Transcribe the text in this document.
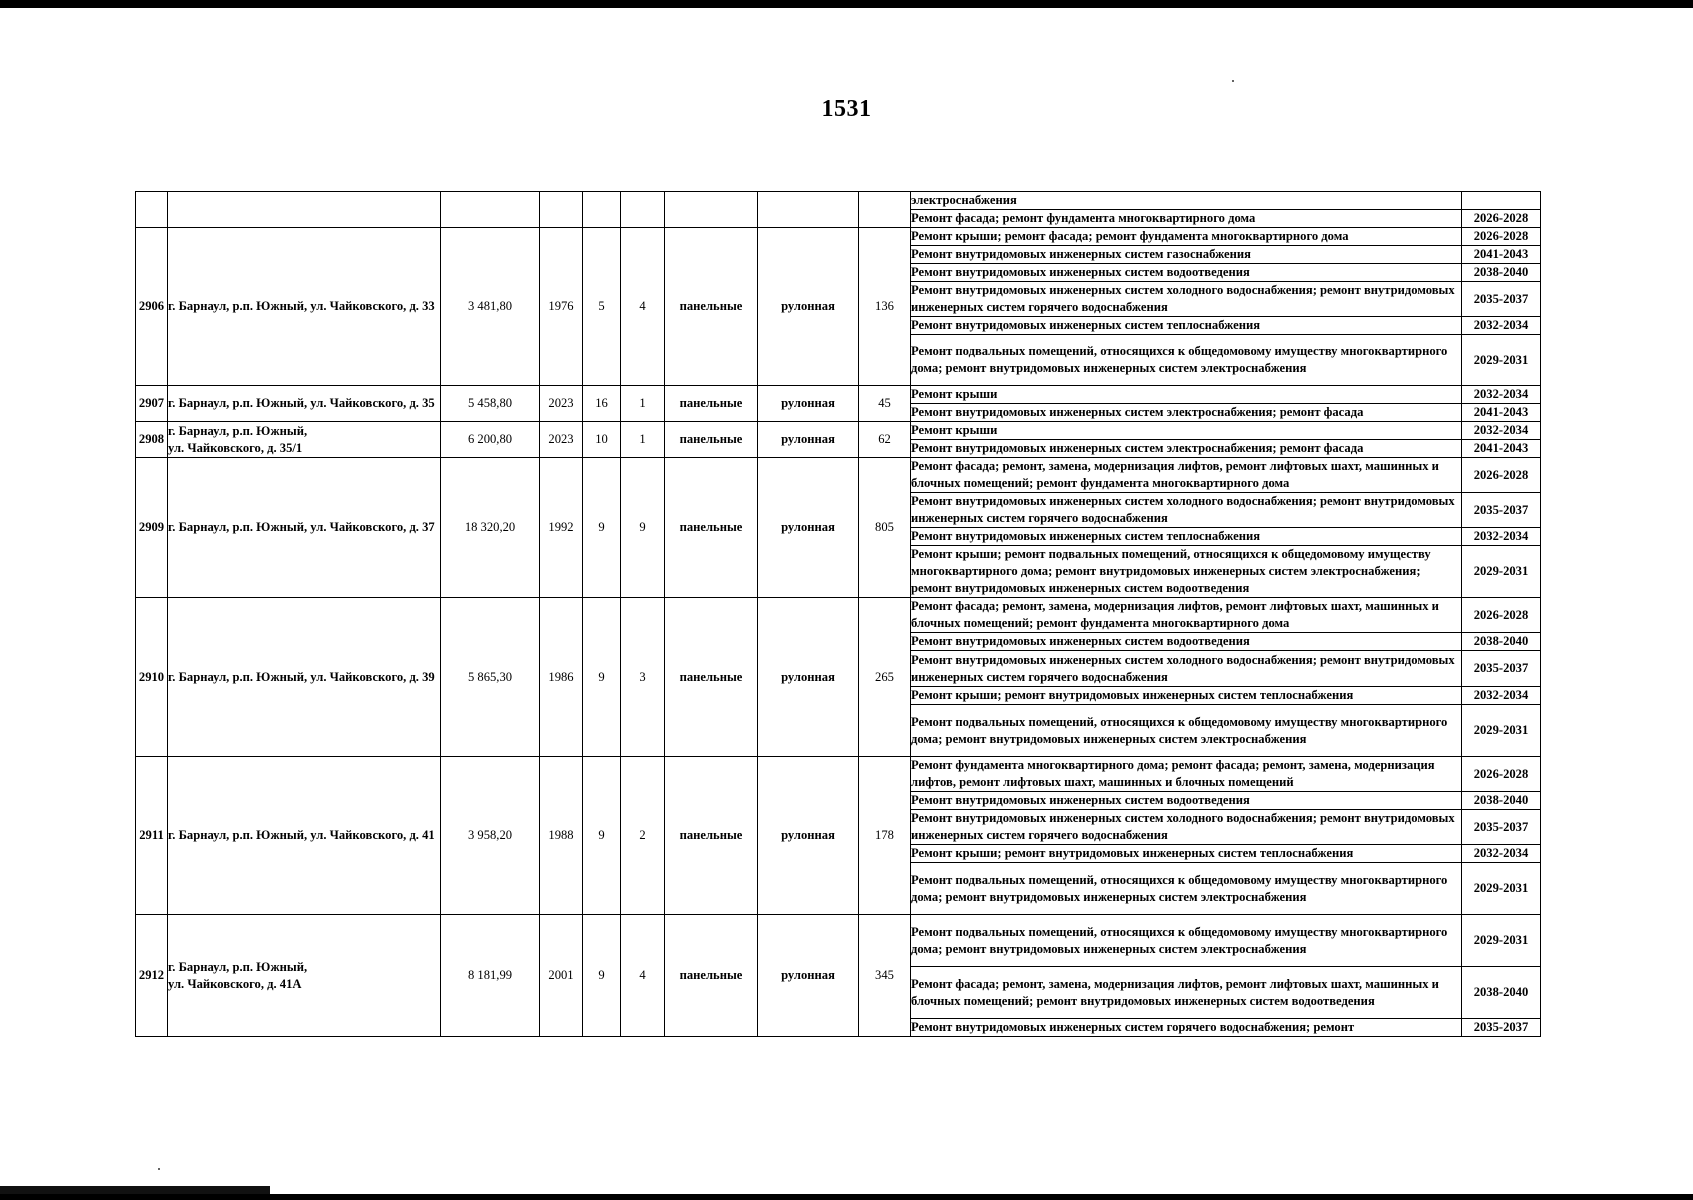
1531
									электроснабжения	
									Ремонт фасада; ремонт фундамента многоквартирного дома	2026-2028
2906	г. Барнаул, р.п. Южный, ул. Чайковского, д. 33	3 481,80	1976	5	4	панельные	рулонная	136	Ремонт крыши; ремонт фасада; ремонт фундамента многоквартирного дома	2026-2028
									Ремонт внутридомовых инженерных систем газоснабжения	2041-2043
									Ремонт внутридомовых инженерных систем водоотведения	2038-2040
									Ремонт внутридомовых инженерных систем холодного водоснабжения; ремонт внутридомовых инженерных систем горячего водоснабжения	2035-2037
									Ремонт внутридомовых инженерных систем теплоснабжения	2032-2034
									Ремонт подвальных помещений, относящихся к общедомовому имуществу многоквартирного дома; ремонт внутридомовых инженерных систем электроснабжения	2029-2031
2907	г. Барнаул, р.п. Южный, ул. Чайковского, д. 35	5 458,80	2023	16	1	панельные	рулонная	45	Ремонт крыши	2032-2034
									Ремонт внутридомовых инженерных систем электроснабжения; ремонт фасада	2041-2043
2908	г. Барнаул, р.п. Южный,
ул. Чайковского, д. 35/1	6 200,80	2023	10	1	панельные	рулонная	62	Ремонт крыши	2032-2034
									Ремонт внутридомовых инженерных систем электроснабжения; ремонт фасада	2041-2043
2909	г. Барнаул, р.п. Южный, ул. Чайковского, д. 37	18 320,20	1992	9	9	панельные	рулонная	805	Ремонт фасада; ремонт, замена, модернизация лифтов, ремонт лифтовых шахт, машинных и блочных помещений; ремонт фундамента многоквартирного дома	2026-2028
									Ремонт внутридомовых инженерных систем холодного водоснабжения; ремонт внутридомовых инженерных систем горячего водоснабжения	2035-2037
									Ремонт внутридомовых инженерных систем теплоснабжения	2032-2034
									Ремонт крыши; ремонт подвальных помещений, относящихся к общедомовому имуществу многоквартирного дома; ремонт внутридомовых инженерных систем электроснабжения; ремонт внутридомовых инженерных систем водоотведения	2029-2031
2910	г. Барнаул, р.п. Южный, ул. Чайковского, д. 39	5 865,30	1986	9	3	панельные	рулонная	265	Ремонт фасада; ремонт, замена, модернизация лифтов, ремонт лифтовых шахт, машинных и блочных помещений; ремонт фундамента многоквартирного дома	2026-2028
									Ремонт внутридомовых инженерных систем водоотведения	2038-2040
									Ремонт внутридомовых инженерных систем холодного водоснабжения; ремонт внутридомовых инженерных систем горячего водоснабжения	2035-2037
									Ремонт крыши; ремонт внутридомовых инженерных систем теплоснабжения	2032-2034
									Ремонт подвальных помещений, относящихся к общедомовому имуществу многоквартирного дома; ремонт внутридомовых инженерных систем электроснабжения	2029-2031
2911	г. Барнаул, р.п. Южный, ул. Чайковского, д. 41	3 958,20	1988	9	2	панельные	рулонная	178	Ремонт фундамента многоквартирного дома; ремонт фасада; ремонт, замена, модернизация лифтов, ремонт лифтовых шахт, машинных и блочных помещений	2026-2028
									Ремонт внутридомовых инженерных систем водоотведения	2038-2040
									Ремонт внутридомовых инженерных систем холодного водоснабжения; ремонт внутридомовых инженерных систем горячего водоснабжения	2035-2037
									Ремонт крыши; ремонт внутридомовых инженерных систем теплоснабжения	2032-2034
									Ремонт подвальных помещений, относящихся к общедомовому имуществу многоквартирного дома; ремонт внутридомовых инженерных систем электроснабжения	2029-2031
2912	г. Барнаул, р.п. Южный,
ул. Чайковского, д. 41А	8 181,99	2001	9	4	панельные	рулонная	345	Ремонт подвальных помещений, относящихся к общедомовому имуществу многоквартирного дома; ремонт внутридомовых инженерных систем электроснабжения	2029-2031
									Ремонт фасада; ремонт, замена, модернизация лифтов, ремонт лифтовых шахт, машинных и блочных помещений; ремонт внутридомовых инженерных систем водоотведения	2038-2040
									Ремонт внутридомовых инженерных систем горячего водоснабжения; ремонт	2035-2037
